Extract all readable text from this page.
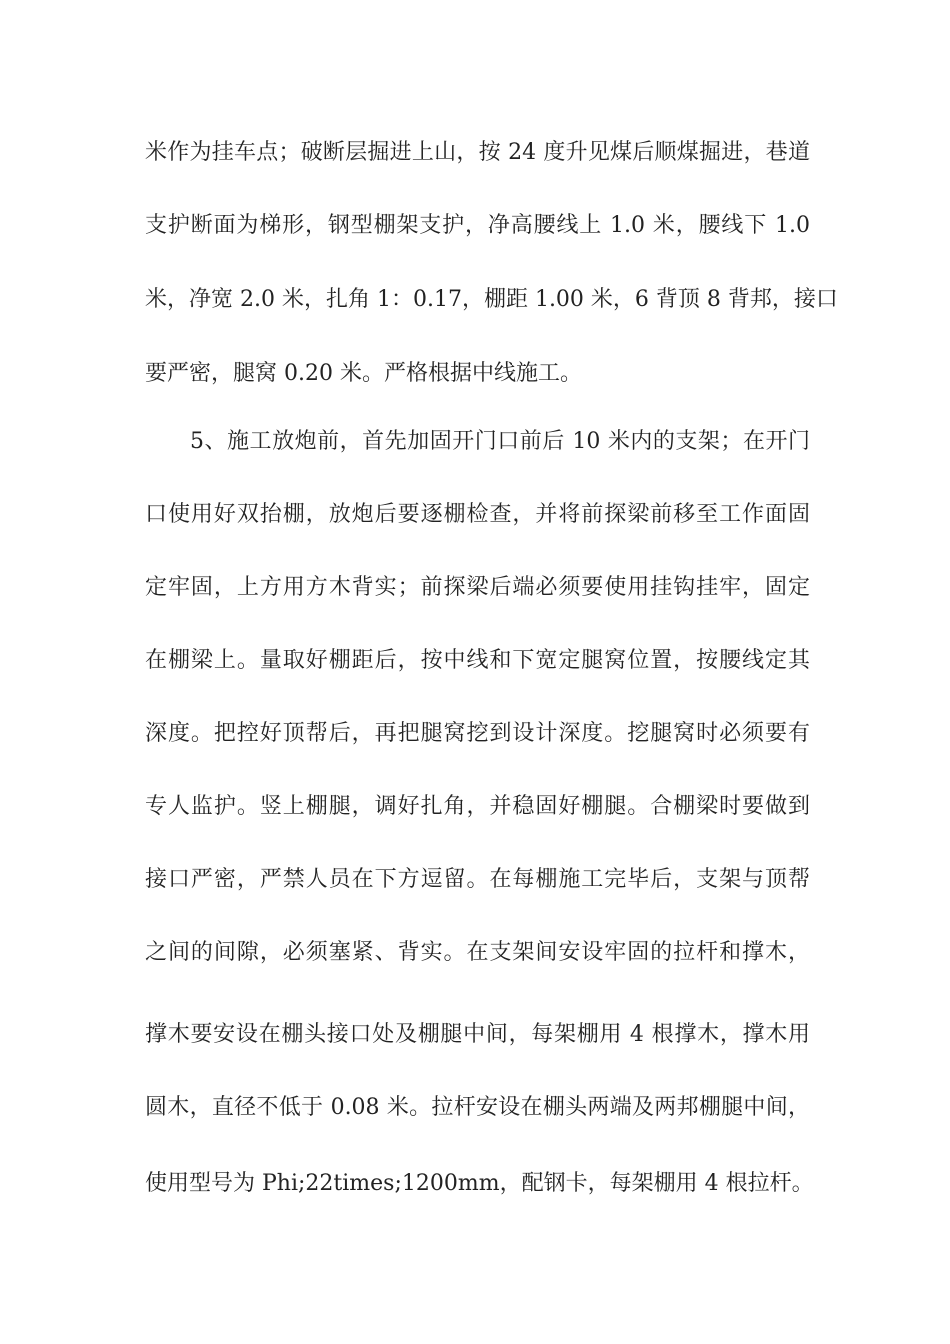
米作为挂车点；破断层掘进上山，按 24 度升见煤后顺煤掘进，巷道
支护断面为梯形，钢型棚架支护，净高腰线上 1.0 米，腰线下 1.0
米，净宽 2.0 米，扎角 1：0.17，棚距 1.00 米，6 背顶 8 背邦，接口
要严密，腿窝 0.20 米。严格根据中线施工。
5、施工放炮前，首先加固开门口前后 10 米内的支架；在开门
口使用好双抬棚，放炮后要逐棚检查，并将前探梁前移至工作面固
定牢固，上方用方木背实；前探梁后端必须要使用挂钩挂牢，固定
在棚梁上。量取好棚距后，按中线和下宽定腿窝位置，按腰线定其
深度。把控好顶帮后，再把腿窝挖到设计深度。挖腿窝时必须要有
专人监护。竖上棚腿，调好扎角，并稳固好棚腿。合棚梁时要做到
接口严密，严禁人员在下方逗留。在每棚施工完毕后，支架与顶帮
之间的间隙，必须塞紧、背实。在支架间安设牢固的拉杆和撑木，
撑木要安设在棚头接口处及棚腿中间，每架棚用 4 根撑木，撑木用
圆木，直径不低于 0.08 米。拉杆安设在棚头两端及两邦棚腿中间，
使用型号为 Phi;22times;1200mm，配钢卡，每架棚用 4 根拉杆。
